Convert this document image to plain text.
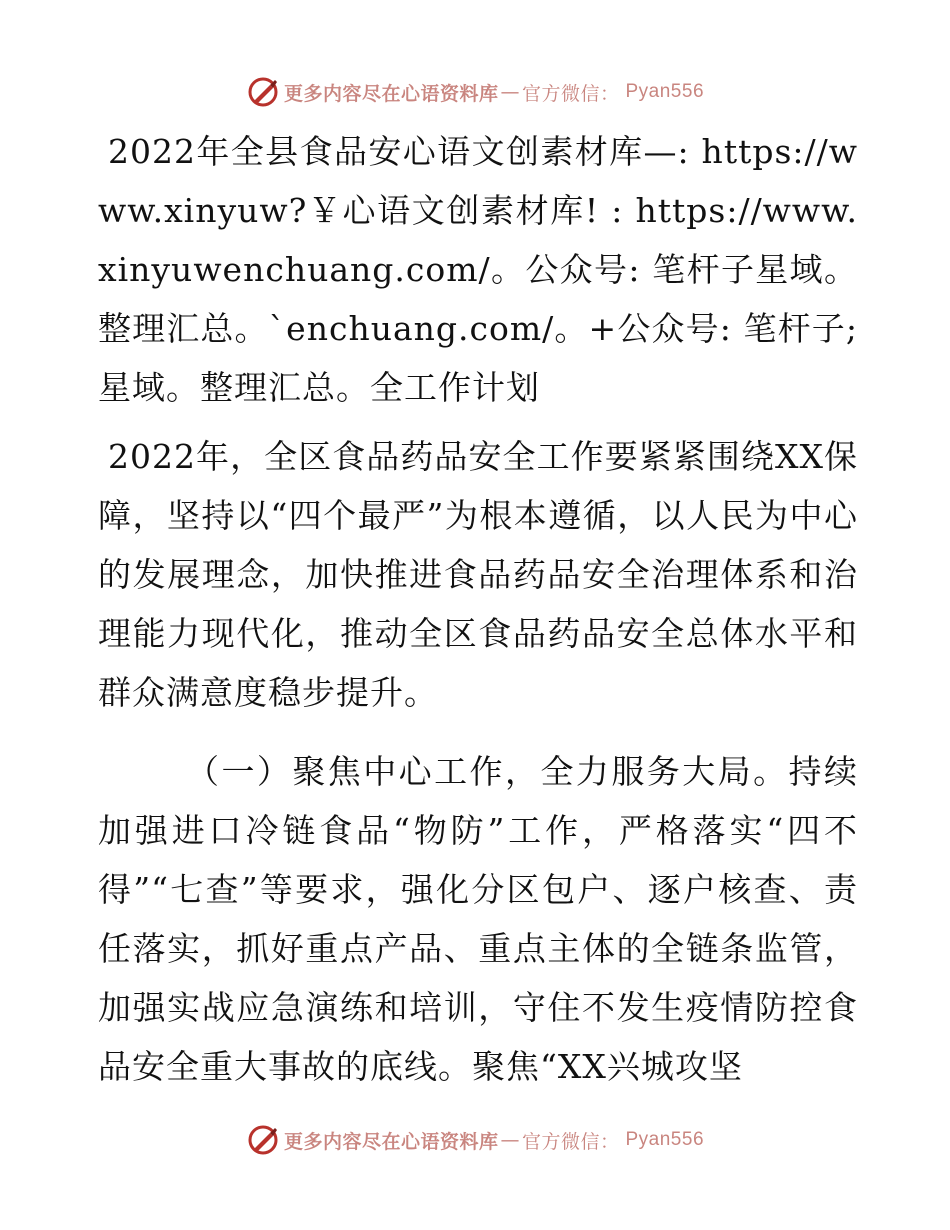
更多内容尽在心语资料库 — 官方微信： Pyan556

2022年全县食品安心语文创素材库—: https://www.xinyuw?￥心语文创素材库! : https://www.xinyuwenchuang.com/。公众号: 笔杆子星域。整理汇总。`enchuang.com/。+公众号: 笔杆子;星域。整理汇总。全工作计划

2022年，全区食品药品安全工作要紧紧围绕XX保障，坚持以“四个最严”为根本遵循，以人民为中心的发展理念，加快推进食品药品安全治理体系和治理能力现代化，推动全区食品药品安全总体水平和群众满意度稳步提升。

（一）聚焦中心工作，全力服务大局。持续加强进口冷链食品“物防”工作，严格落实“四不得”“七查”等要求，强化分区包户、逐户核查、责任落实，抓好重点产品、重点主体的全链条监管，加强实战应急演练和培训，守住不发生疫情防控食品安全重大事故的底线。聚焦“XX兴城攻坚

更多内容尽在心语资料库 — 官方微信： Pyan556
